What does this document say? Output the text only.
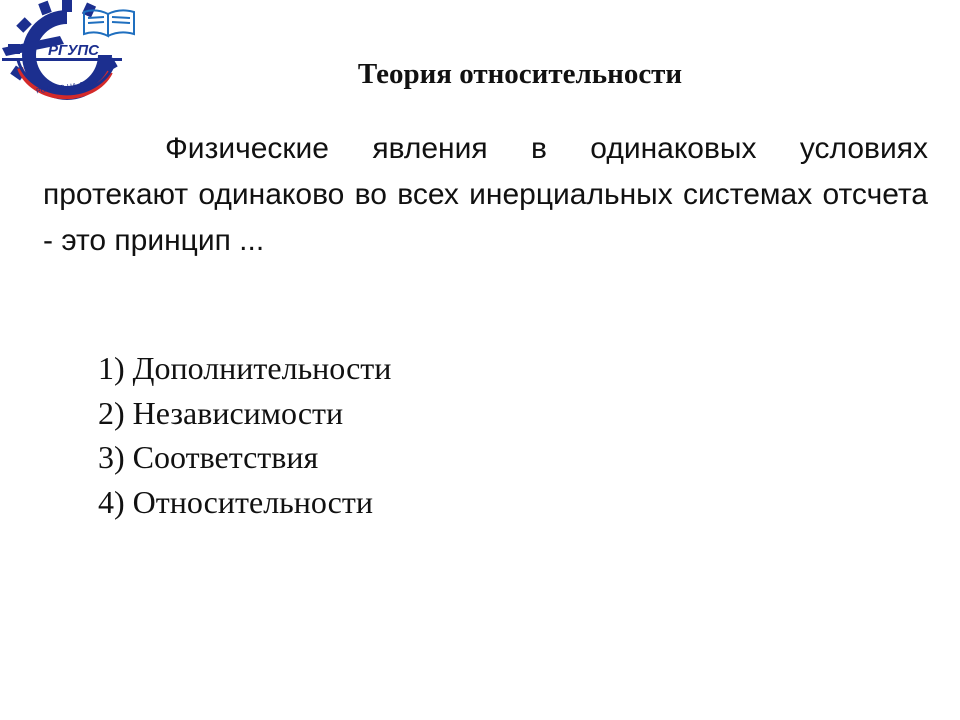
РГУПС
РОСТОВ-НА-ДОНУ	Теория относительности

Физические явления в одинаковых условиях протекают одинаково во всех инерциальных системах отсчета - это принцип ...

1) Дополнительности
2) Независимости
3) Соответствия
4) Относительности
